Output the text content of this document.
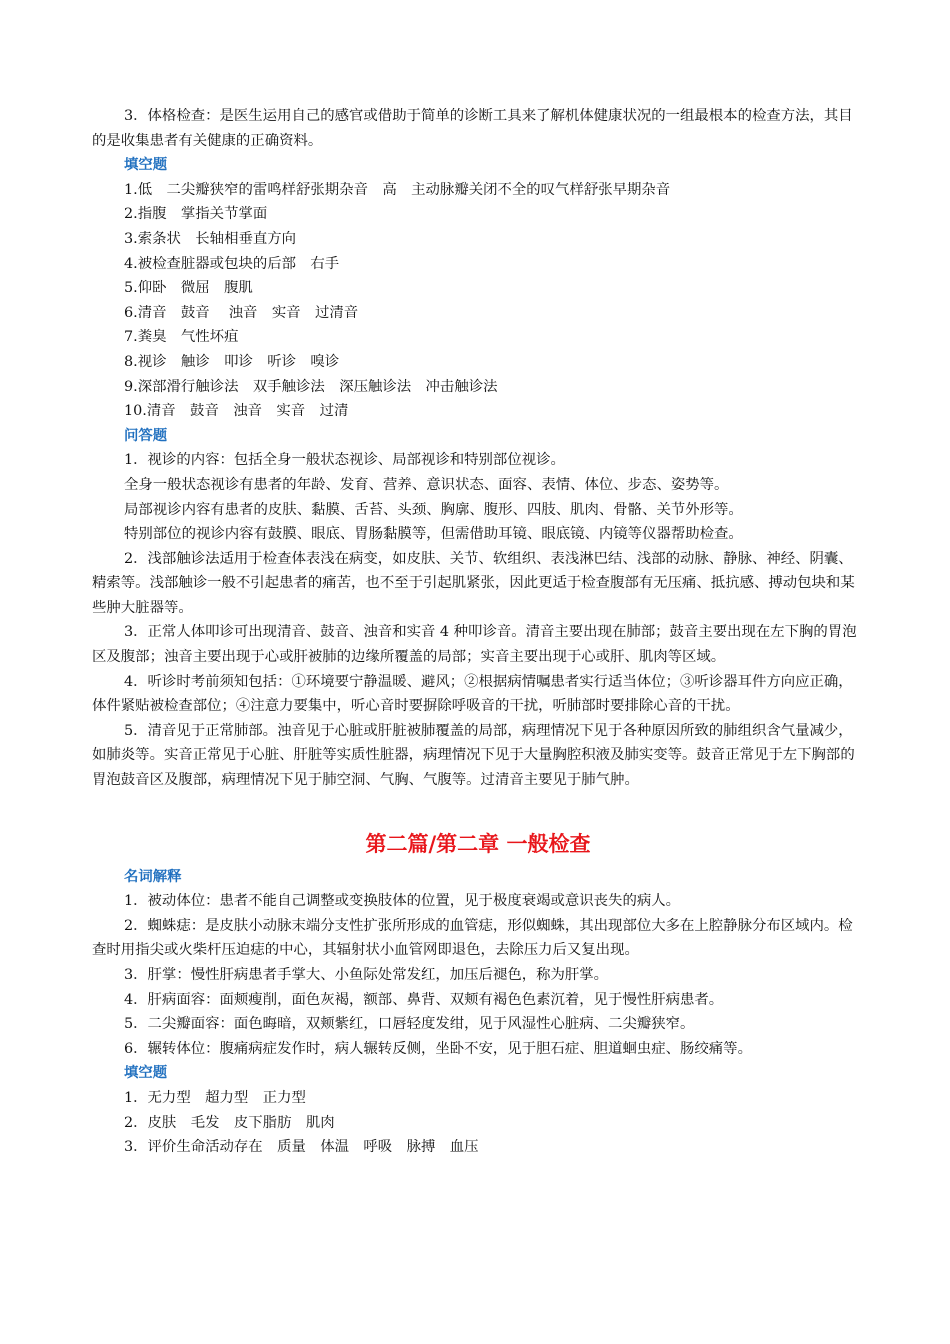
3．体格检查：是医生运用自己的感官或借助于简单的诊断工具来了解机体健康状况的一组最根本的检查方法，其目的是收集患者有关健康的正确资料。

填空题

1.低　二尖瓣狭窄的雷鸣样舒张期杂音　高　主动脉瓣关闭不全的叹气样舒张早期杂音

2.指腹　掌指关节掌面

3.索条状　长轴相垂直方向

4.被检查脏器或包块的后部　右手

5.仰卧　微屈　腹肌

6.清音　鼓音　 浊音　实音　过清音

7.粪臭　气性坏疽

8.视诊　触诊　叩诊　听诊　嗅诊

9.深部滑行触诊法　双手触诊法　深压触诊法　冲击触诊法

10.清音　鼓音　浊音　实音　过清

问答题

1．视诊的内容：包括全身一般状态视诊、局部视诊和特别部位视诊。

全身一般状态视诊有患者的年龄、发育、营养、意识状态、面容、表情、体位、步态、姿势等。

局部视诊内容有患者的皮肤、黏膜、舌苔、头颈、胸廓、腹形、四肢、肌肉、骨骼、关节外形等。

特别部位的视诊内容有鼓膜、眼底、胃肠黏膜等，但需借助耳镜、眼底镜、内镜等仪器帮助检查。

2．浅部触诊法适用于检查体表浅在病变，如皮肤、关节、软组织、表浅淋巴结、浅部的动脉、静脉、神经、阴囊、精索等。浅部触诊一般不引起患者的痛苦，也不至于引起肌紧张，因此更适于检查腹部有无压痛、抵抗感、搏动包块和某些肿大脏器等。

3．正常人体叩诊可出现清音、鼓音、浊音和实音 4 种叩诊音。清音主要出现在肺部；鼓音主要出现在左下胸的胃泡区及腹部；浊音主要出现于心或肝被肺的边缘所覆盖的局部；实音主要出现于心或肝、肌肉等区域。

4．听诊时考前须知包括：①环境要宁静温暖、避风；②根据病情嘱患者实行适当体位；③听诊器耳件方向应正确，体件紧贴被检查部位；④注意力要集中，听心音时要摒除呼吸音的干扰，听肺部时要排除心音的干扰。

5．清音见于正常肺部。浊音见于心脏或肝脏被肺覆盖的局部，病理情况下见于各种原因所致的肺组织含气量减少，如肺炎等。实音正常见于心脏、肝脏等实质性脏器，病理情况下见于大量胸腔积液及肺实变等。鼓音正常见于左下胸部的胃泡鼓音区及腹部，病理情况下见于肺空洞、气胸、气腹等。过清音主要见于肺气肿。

第二篇/第二章 一般检查

名词解释

1．被动体位：患者不能自己调整或变换肢体的位置，见于极度衰竭或意识丧失的病人。

2．蜘蛛痣：是皮肤小动脉末端分支性扩张所形成的血管痣，形似蜘蛛，其出现部位大多在上腔静脉分布区域内。检查时用指尖或火柴杆压迫痣的中心，其辐射状小血管网即退色，去除压力后又复出现。

3．肝掌：慢性肝病患者手掌大、小鱼际处常发红，加压后褪色，称为肝掌。

4．肝病面容：面颊瘦削，面色灰褐，额部、鼻背、双颊有褐色色素沉着，见于慢性肝病患者。

5．二尖瓣面容：面色晦暗，双颊紫红，口唇轻度发绀，见于风湿性心脏病、二尖瓣狭窄。

6．辗转体位：腹痛病症发作时，病人辗转反侧，坐卧不安，见于胆石症、胆道蛔虫症、肠绞痛等。

填空题

1．无力型　超力型　正力型

2．皮肤　毛发　皮下脂肪　肌肉

3．评价生命活动存在　质量　体温　呼吸　脉搏　血压
